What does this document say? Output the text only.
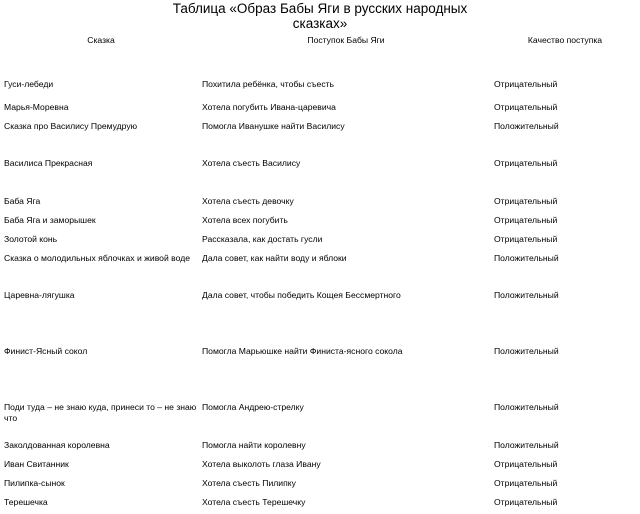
Таблица «Образ Бабы Яги в русских народных
сказках»
Сказка	Поступок Бабы Яги	Качество поступка
Гуси-лебеди	Похитила ребёнка, чтобы съесть	Отрицательный
Марья-Моревна	Хотела погубить Ивана-царевича	Отрицательный
Сказка про Василису Премудрую	Помогла Иванушке найти Василису	Положительный
Василиса Прекрасная	Хотела съесть Василису	Отрицательный
Баба Яга	Хотела съесть девочку	Отрицательный
Баба Яга и заморышек	Хотела всех погубить	Отрицательный
Золотой конь	Рассказала, как достать гусли	Отрицательный
Сказка о молодильных яблочках и живой воде	Дала совет, как найти воду и яблоки	Положительный
Царевна-лягушка	Дала совет, чтобы победить Кощея Бессмертного	Положительный
Финист-Ясный сокол	Помогла Марьюшке найти Финиста-ясного сокола	Положительный
Поди туда – не знаю куда, принеси то – не знаю что	Помогла Андрею-стрелку	Положительный
Заколдованная королевна	Помогла найти королевну	Положительный
Иван Свитанник	Хотела выколоть глаза Ивану	Отрицательный
Пилипка-сынок	Хотела съесть Пилипку	Отрицательный
Терешечка	Хотела съесть Терешечку	Отрицательный
